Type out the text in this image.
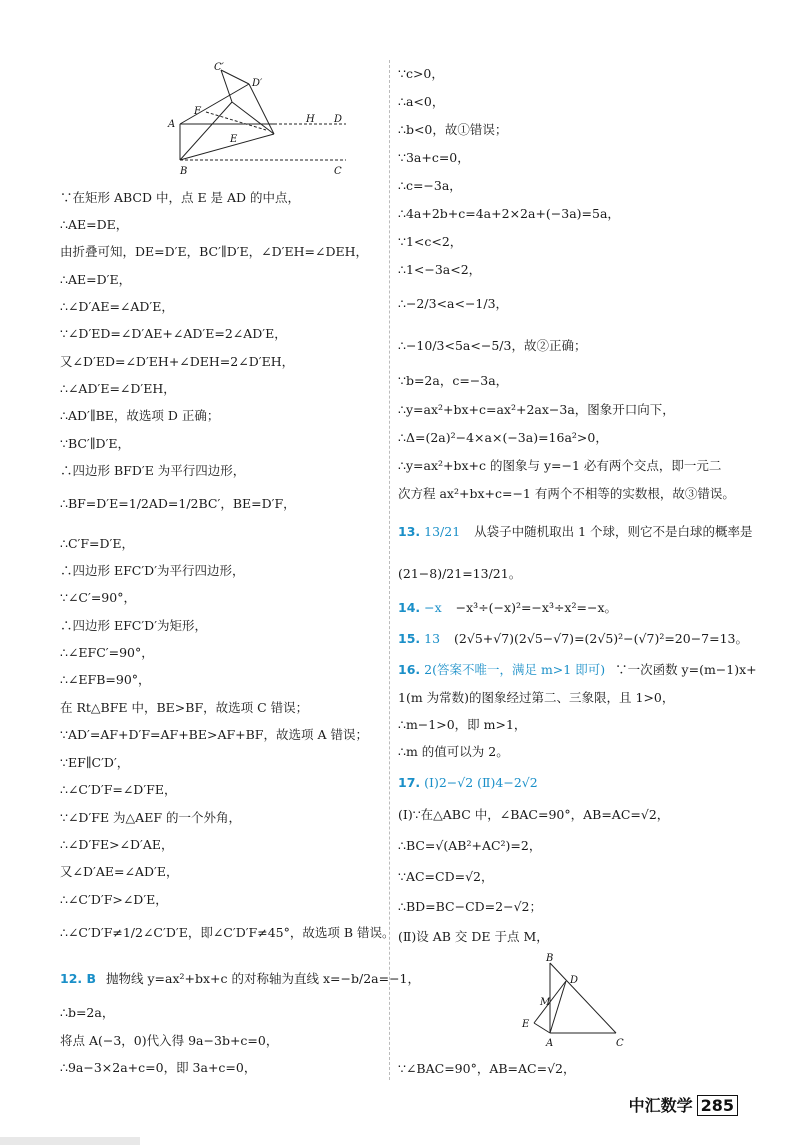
C′
D′
F
A	H D
E
B	C
∵在矩形 ABCD 中，点 E 是 AD 的中点，
∴AE=DE，
由折叠可知，DE=D′E，BC′∥D′E，∠D′EH=∠DEH，
∴AE=D′E，
∴∠D′AE=∠AD′E，
∵∠D′ED=∠D′AE+∠AD′E=2∠AD′E，
又∠D′ED=∠D′EH+∠DEH=2∠D′EH，
∴∠AD′E=∠D′EH，
∴AD′∥BE，故选项 D 正确；
∵BC′∥D′E，
∴四边形 BFD′E 为平行四边形，
∴BF=D′E=1/2AD=1/2BC′，BE=D′F，
∴C′F=D′E，
∴四边形 EFC′D′为平行四边形，
∵∠C′=90°，
∴四边形 EFC′D′为矩形，
∴∠EFC′=90°，
∴∠EFB=90°，
在 Rt△BFE 中，BE>BF，故选项 C 错误；
∵AD′=AF+D′F=AF+BE>AF+BF，故选项 A 错误；
∵EF∥C′D′，
∴∠C′D′F=∠D′FE，
∵∠D′FE 为△AEF 的一个外角，
∴∠D′FE>∠D′AE，
又∠D′AE=∠AD′E，
∴∠C′D′F>∠D′E，
∴∠C′D′F≠1/2∠C′D′E，即∠C′D′F≠45°，故选项 B 错误。
12. B 抛物线 y=ax²+bx+c 的对称轴为直线 x=−b/2a=−1，
∴b=2a，
将点 A(−3，0)代入得 9a−3b+c=0，
∴9a−3×2a+c=0，即 3a+c=0，
∵c>0，
∴a<0，
∴b<0，故①错误；
∵3a+c=0，
∴c=−3a，
∴4a+2b+c=4a+2×2a+(−3a)=5a，
∵1<c<2，
∴1<−3a<2，
∴−2/3<a<−1/3，
∴−10/3<5a<−5/3，故②正确；
∵b=2a，c=−3a，
∴y=ax²+bx+c=ax²+2ax−3a，图象开口向下，
∴Δ=(2a)²−4×a×(−3a)=16a²>0，
∴y=ax²+bx+c 的图象与 y=−1 必有两个交点，即一元二
次方程 ax²+bx+c=−1 有两个不相等的实数根，故③错误。
13. 13/21 从袋子中随机取出 1 个球，则它不是白球的概率是
(21−8)/21=13/21。
14. −x −x³÷(−x)²=−x³÷x²=−x。
15. 13 (2√5+√7)(2√5−√7)=(2√5)²−(√7)²=20−7=13。
16. 2(答案不唯一，满足 m>1 即可) ∵一次函数 y=(m−1)x+
1(m 为常数)的图象经过第二、三象限，且 1>0，
∴m−1>0，即 m>1，
∴m 的值可以为 2。
17. (Ⅰ)2−√2 (Ⅱ)4−2√2
(Ⅰ)∵在△ABC 中，∠BAC=90°，AB=AC=√2，
∴BC=√(AB²+AC²)=2，
∵AC=CD=√2，
∴BD=BC−CD=2−√2；
(Ⅱ)设 AB 交 DE 于点 M，
B
D
M
E
A	C
∵∠BAC=90°，AB=AC=√2，
中汇数学 285
